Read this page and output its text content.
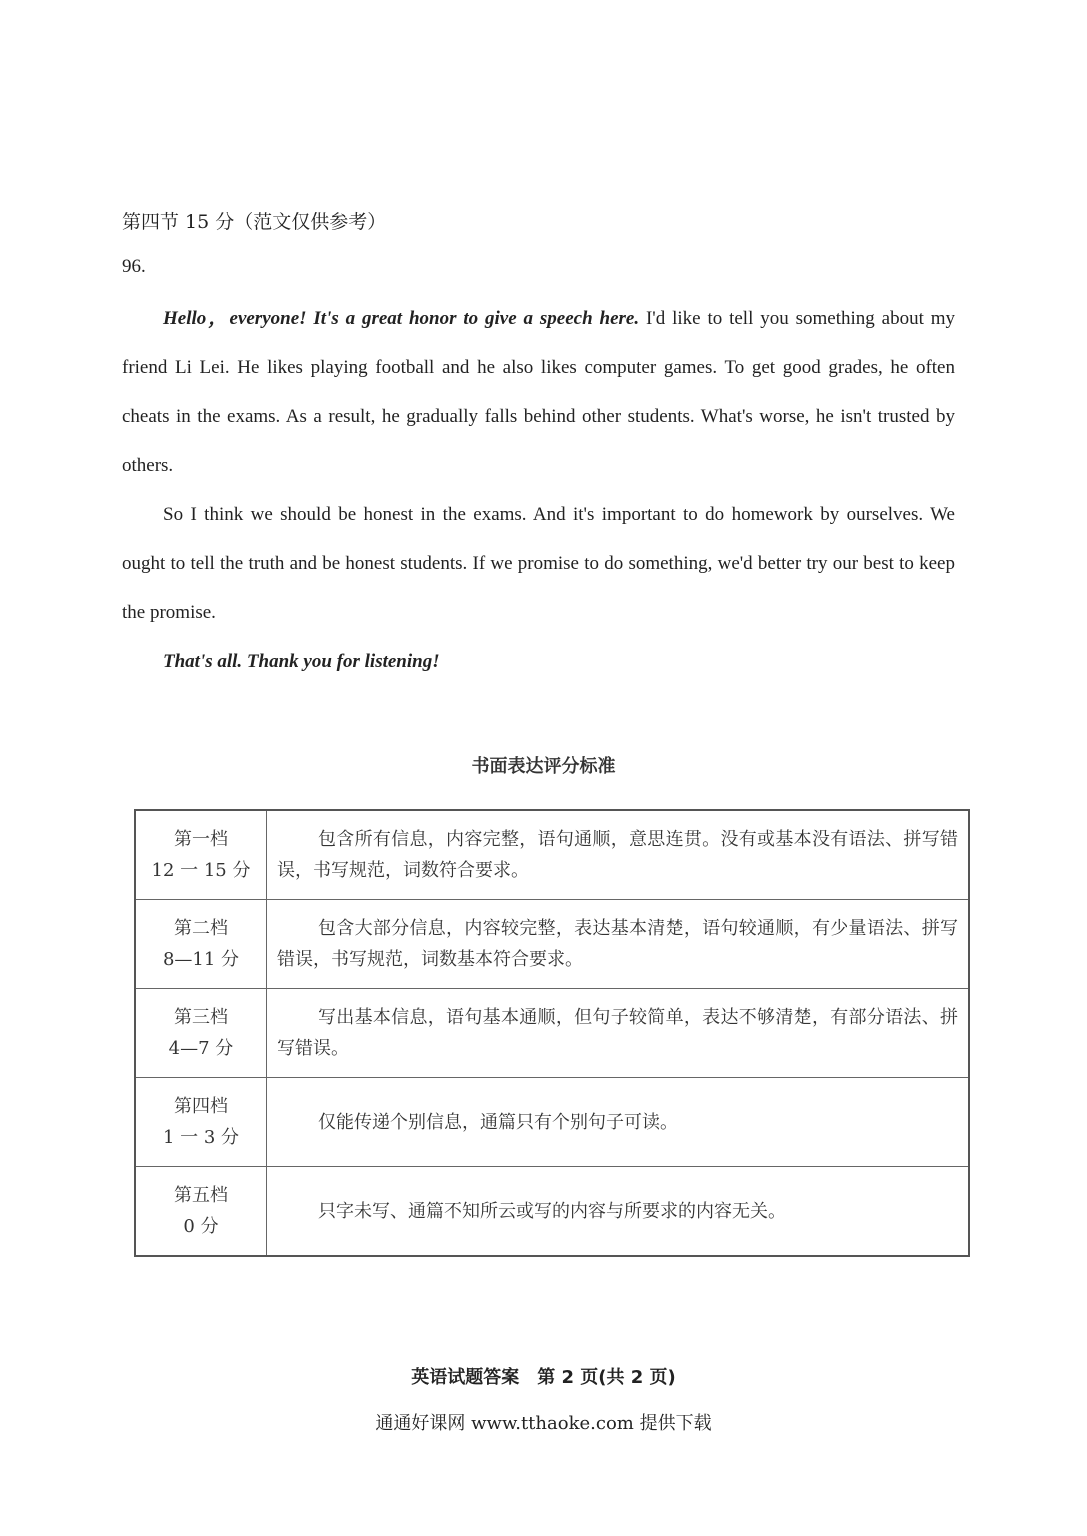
第四节 15 分（范文仅供参考）
96.

Hello，everyone! It's a great honor to give a speech here. I'd like to tell you something about my friend Li Lei. He likes playing football and he also likes computer games. To get good grades, he often cheats in the exams. As a result, he gradually falls behind other students. What's worse, he isn't trusted by others.

So I think we should be honest in the exams. And it's important to do homework by ourselves. We ought to tell the truth and be honest students. If we promise to do something, we'd better try our best to keep the promise.

That's all. Thank you for listening!

书面表达评分标准
第一档
12 一 15 分	包含所有信息，内容完整，语句通顺，意思连贯。没有或基本没有语法、拼写错误，书写规范，词数符合要求。

第二档
8—11 分	包含大部分信息，内容较完整，表达基本清楚，语句较通顺，有少量语法、拼写错误，书写规范，词数基本符合要求。

第三档
4—7 分	写出基本信息，语句基本通顺，但句子较简单，表达不够清楚，有部分语法、拼写错误。

第四档
1 一 3 分	仅能传递个别信息，通篇只有个别句子可读。

第五档
0 分	只字未写、通篇不知所云或写的内容与所要求的内容无关。
英语试题答案　第 2 页(共 2 页)
通通好课网 www.tthaoke.com 提供下载
